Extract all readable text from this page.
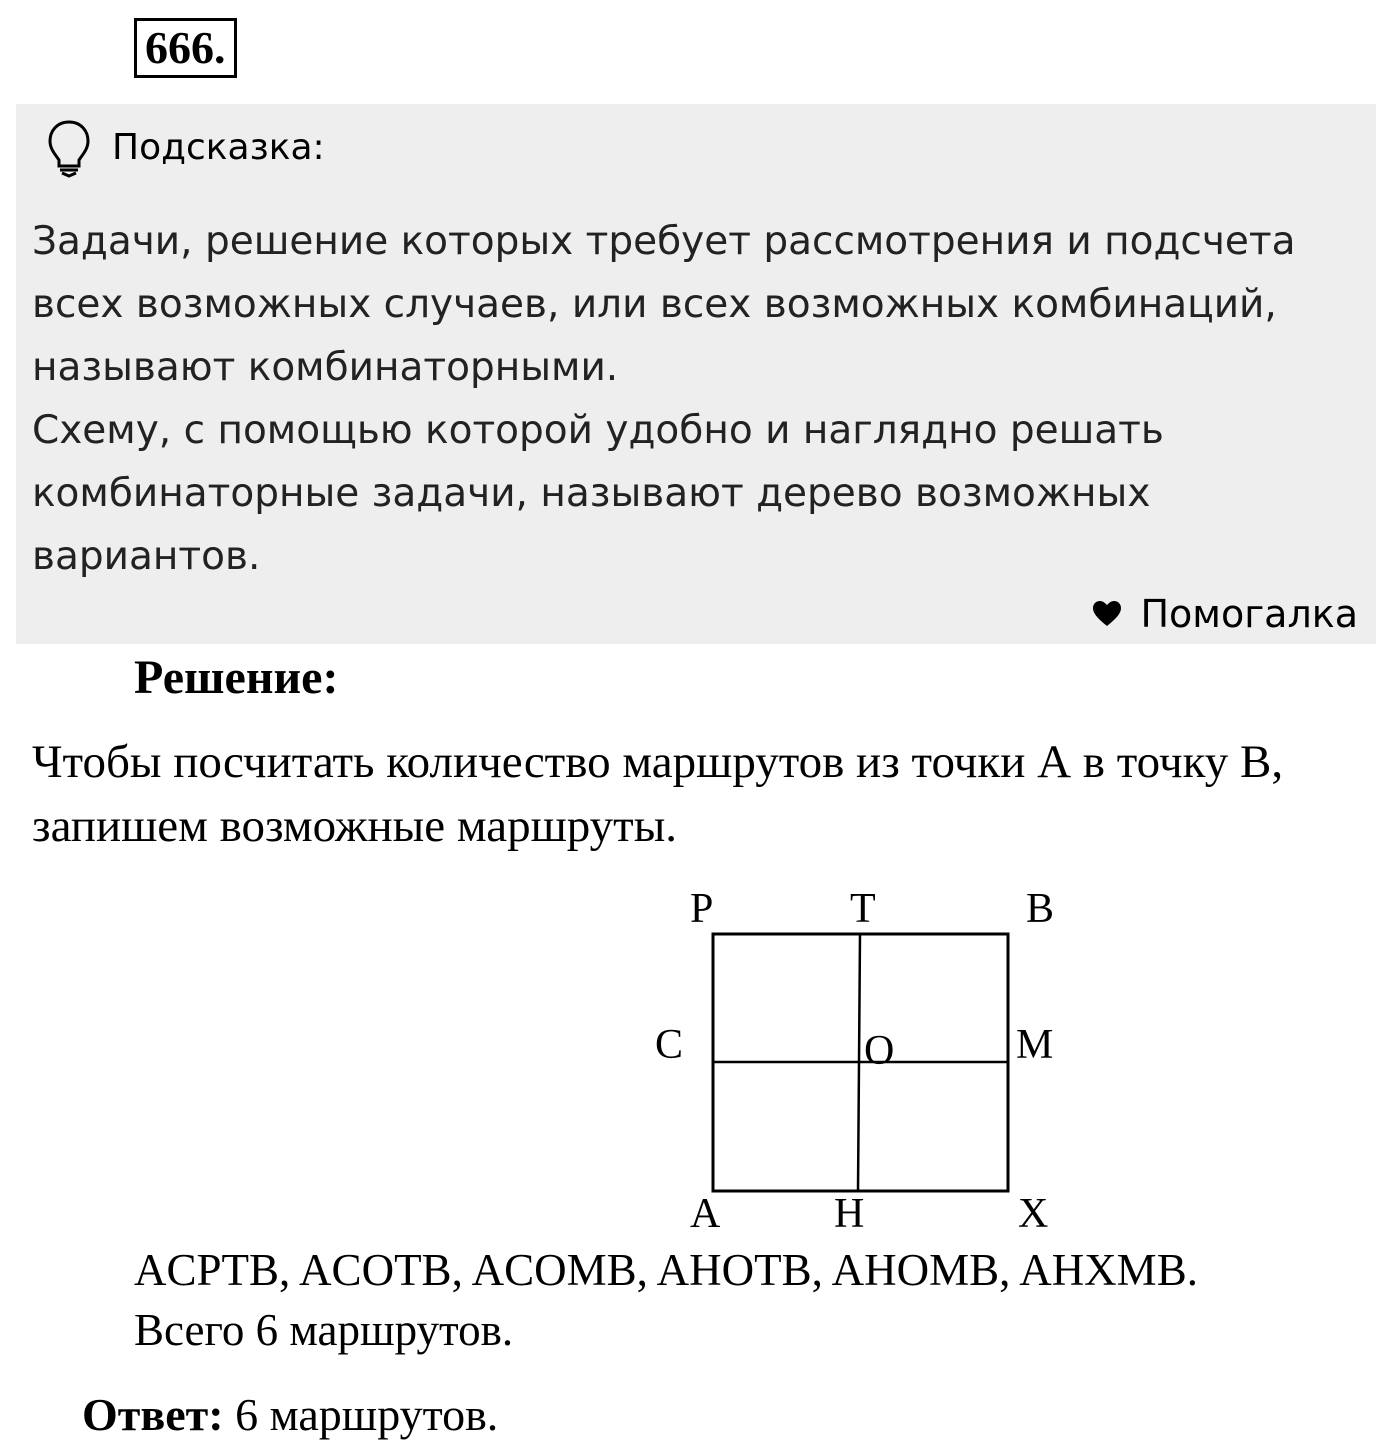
666.
Подсказка:

Задачи, решение которых требует рассмотрения и подсчета всех возможных случаев, или всех возможных комбинаций, называют комбинаторными.

Схему, с помощью которой удобно и наглядно решать комбинаторные задачи, называют дерево возможных вариантов.

Помогалка
Решение:
Чтобы посчитать количество маршрутов из точки А в точку В, запишем возможные маршруты.
P	T	B
C	O	M
A	H	X

ACPTB, ACOTB, ACOMB, AHOTB, AHOMB, AHXMB.

Всего 6 маршрутов.

Ответ: 6 маршрутов.
